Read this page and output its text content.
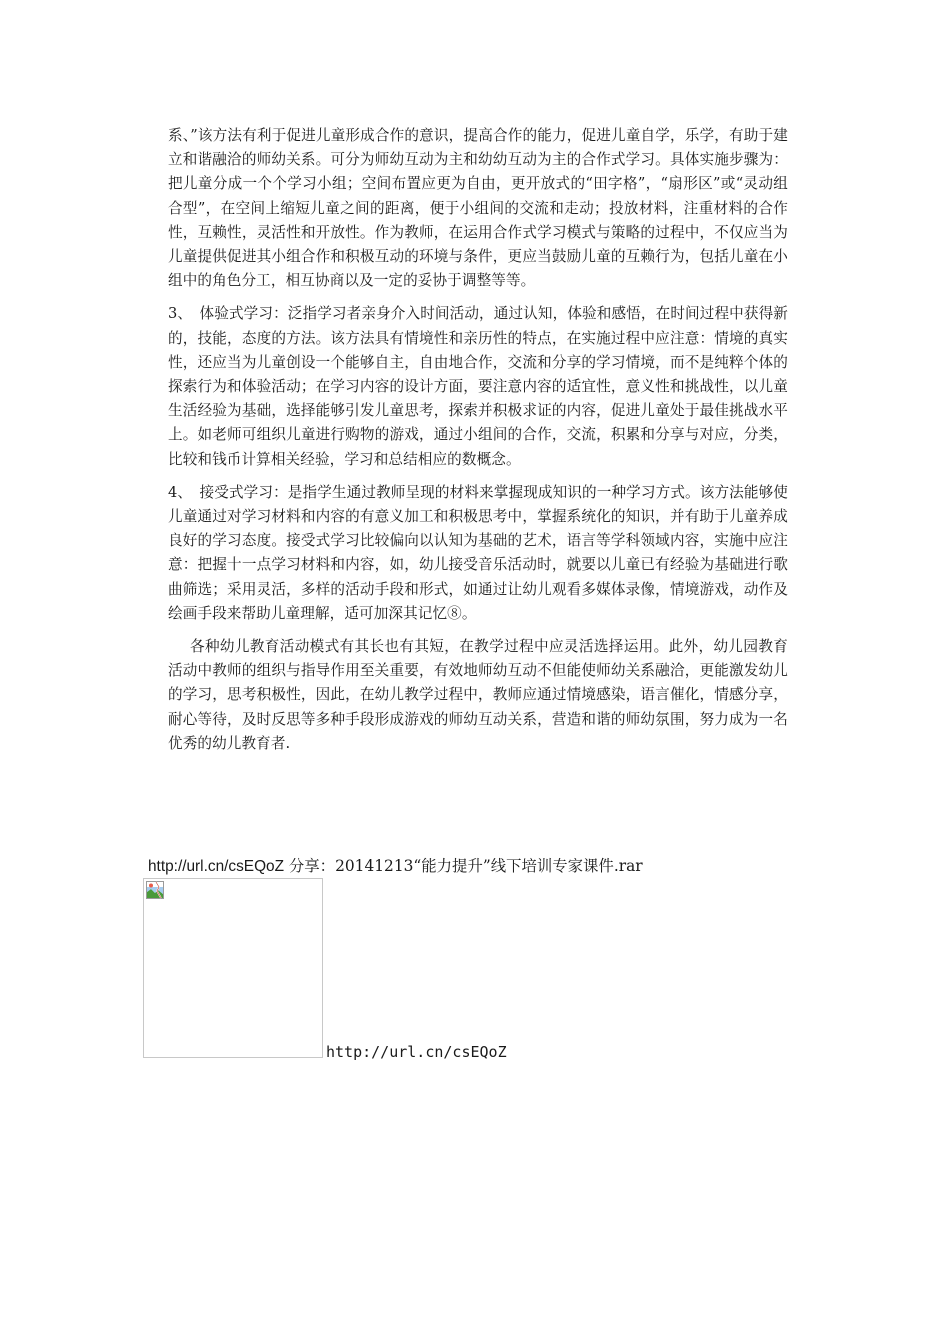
系、”该方法有利于促进儿童形成合作的意识，提高合作的能力，促进儿童自学，乐学，有助于建立和谐融洽的师幼关系。可分为师幼互动为主和幼幼互动为主的合作式学习。具体实施步骤为：把儿童分成一个个学习小组；空间布置应更为自由，更开放式的“田字格”，“扇形区”或“灵动组合型”，在空间上缩短儿童之间的距离，便于小组间的交流和走动；投放材料，注重材料的合作性，互赖性，灵活性和开放性。作为教师，在运用合作式学习模式与策略的过程中，不仅应当为儿童提供促进其小组合作和积极互动的环境与条件，更应当鼓励儿童的互赖行为，包括儿童在小组中的角色分工，相互协商以及一定的妥协于调整等等。

3、　体验式学习：泛指学习者亲身介入时间活动，通过认知，体验和感悟，在时间过程中获得新的，技能，态度的方法。该方法具有情境性和亲历性的特点，在实施过程中应注意：情境的真实性，还应当为儿童创设一个能够自主，自由地合作，交流和分享的学习情境，而不是纯粹个体的探索行为和体验活动；在学习内容的设计方面，要注意内容的适宜性，意义性和挑战性，以儿童生活经验为基础，选择能够引发儿童思考，探索并积极求证的内容，促进儿童处于最佳挑战水平上。如老师可组织儿童进行购物的游戏，通过小组间的合作，交流，积累和分享与对应，分类，比较和钱币计算相关经验，学习和总结相应的数概念。

4、　接受式学习：是指学生通过教师呈现的材料来掌握现成知识的一种学习方式。该方法能够使儿童通过对学习材料和内容的有意义加工和积极思考中，掌握系统化的知识，并有助于儿童养成良好的学习态度。接受式学习比较偏向以认知为基础的艺术，语言等学科领域内容，实施中应注意：把握十一点学习材料和内容，如，幼儿接受音乐活动时，就要以儿童已有经验为基础进行歌曲筛选；采用灵活，多样的活动手段和形式，如通过让幼儿观看多媒体录像，情境游戏，动作及绘画手段来帮助儿童理解，适可加深其记忆⑧。

各种幼儿教育活动模式有其长也有其短，在教学过程中应灵活选择运用。此外，幼儿园教育活动中教师的组织与指导作用至关重要，有效地师幼互动不但能使师幼关系融洽，更能激发幼儿的学习，思考积极性，因此，在幼儿教学过程中，教师应通过情境感染，语言催化，情感分享，耐心等待，及时反思等多种手段形成游戏的师幼互动关系，营造和谐的师幼氛围，努力成为一名优秀的幼儿教育者.

http://url.cn/csEQoZ 分享：20141213“能力提升”线下培训专家课件.rar
http://url.cn/csEQoZ
